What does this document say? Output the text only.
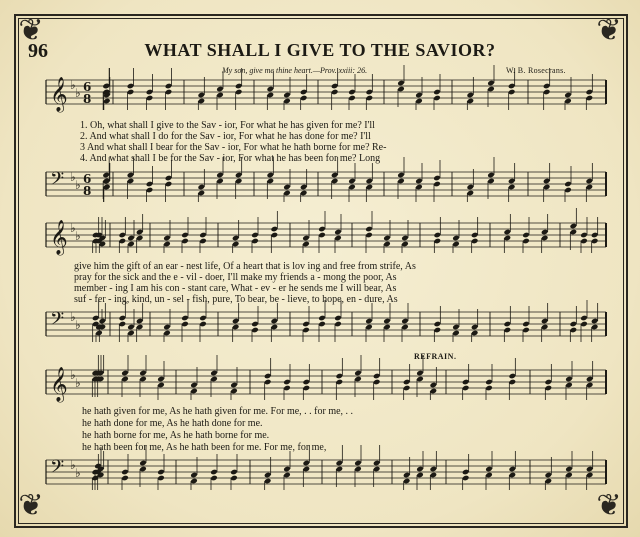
❦	❦
❦	❦
96	WHAT SHALL I GIVE TO THE SAVIOR?
My son, give me thine heart.—Prov. xxiii: 26.	W. B. Rosecrans.
REFRAIN.
𝄞 ♭
♭ 6
8
𝄢 ♭
♭ 6
8
𝄞 ♭
♭
𝄢 ♭
♭
𝄞 ♭
♭
𝄢 ♭
♭
1. Oh, what shall I give to the Sav - ior, For what he has given for me? I'll
2. And what shall I do for the Sav - ior, For what he has done for me? I'll
3 And what shall I bear for the Sav - ior, For what he hath borne for me? Re-
4. And what shall I be for the Sav - ior, For what he has been for me? Long
give him the gift of an ear - nest life, Of a heart that is lov ing and free from strife, As
pray for the sick and the e - vil - doer, I'll make my friends a - mong the poor, As
member - ing I am his con - stant care, What - ev - er he sends me I will bear, As
suf - fer - ing, kind, un - sel - fish, pure, To bear, be - lieve, to hope, en - dure, As
he hath given for me, As he hath given for me. For me, . . for me, . .
he hath done for me, As he hath done for me.
he hath borne for me, As he hath borne for me.
he hath been for me, As he hath been for me. For me, for me,
